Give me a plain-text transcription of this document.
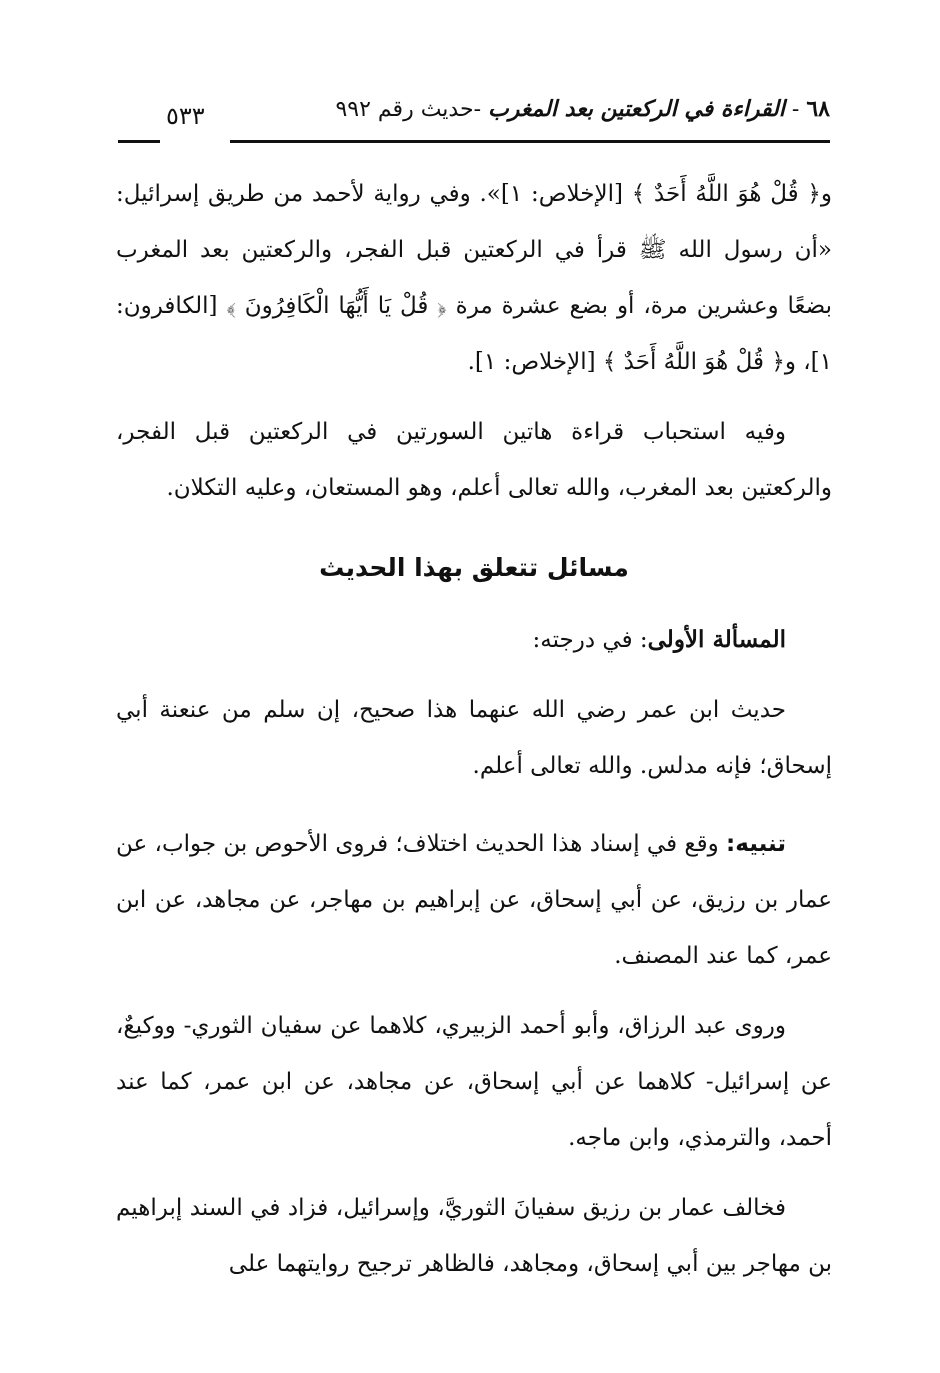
٦٨ - القراءة في الركعتين بعد المغرب -حديث رقم ٩٩٢
٥٣٣

و﴿ قُلْ هُوَ اللَّهُ أَحَدٌ ﴾ [الإخلاص: ١]». وفي رواية لأحمد من طريق إسرائيل: «أن رسول الله ﷺ قرأ في الركعتين قبل الفجر، والركعتين بعد المغرب بضعًا وعشرين مرة، أو بضع عشرة مرة ﴿ قُلْ يَا أَيُّهَا الْكَافِرُونَ ﴾ [الكافرون: ١]، و﴿ قُلْ هُوَ اللَّهُ أَحَدٌ ﴾ [الإخلاص: ١].

وفيه استحباب قراءة هاتين السورتين في الركعتين قبل الفجر، والركعتين بعد المغرب، والله تعالى أعلم، وهو المستعان، وعليه التكلان.

مسائل تتعلق بهذا الحديث

المسألة الأولى: في درجته:

حديث ابن عمر رضي الله عنهما هذا صحيح، إن سلم من عنعنة أبي إسحاق؛ فإنه مدلس. والله تعالى أعلم.

تنبيه: وقع في إسناد هذا الحديث اختلاف؛ فروى الأحوص بن جواب، عن عمار بن رزيق، عن أبي إسحاق، عن إبراهيم بن مهاجر، عن مجاهد، عن ابن عمر، كما عند المصنف.

وروى عبد الرزاق، وأبو أحمد الزبيري، كلاهما عن سفيان الثوري- ووكيعٌ، عن إسرائيل- كلاهما عن أبي إسحاق، عن مجاهد، عن ابن عمر، كما عند أحمد، والترمذي، وابن ماجه.

فخالف عمار بن رزيق سفيانَ الثوريَّ، وإسرائيل، فزاد في السند إبراهيم بن مهاجر بين أبي إسحاق، ومجاهد، فالظاهر ترجيح روايتهما على
